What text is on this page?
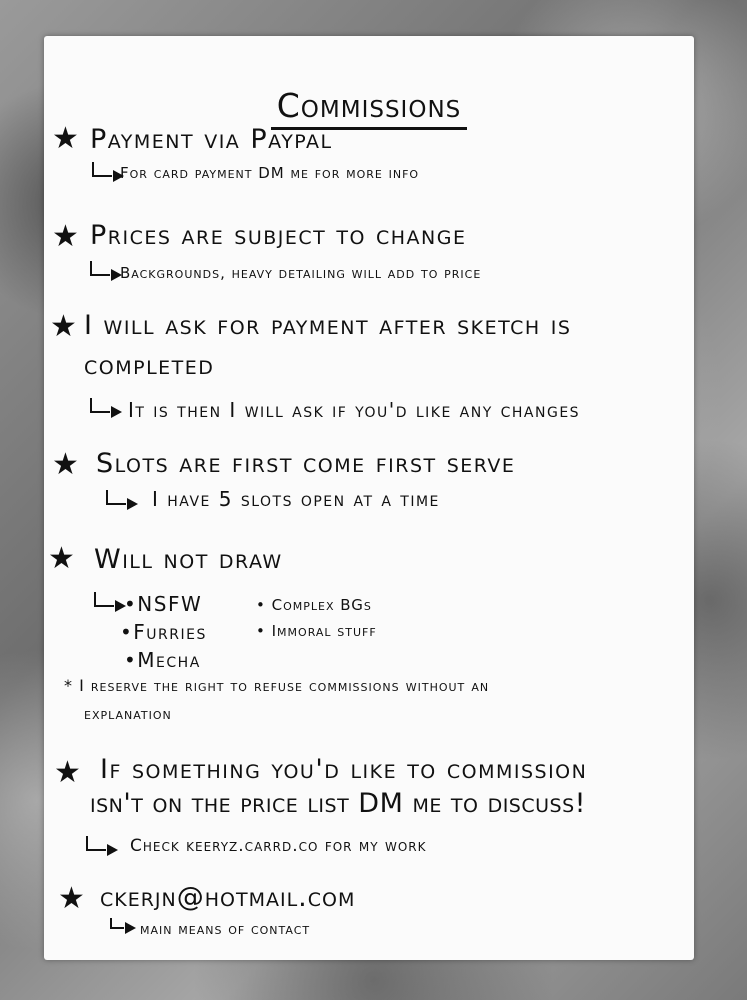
Commissions
★ Payment via Paypal
For card payment DM me for more info
★ Prices are subject to change
Backgrounds, heavy detailing will add to price
★ I will ask for payment after sketch is
completed
It is then I will ask if you'd like any changes
★ Slots are first come first serve
I have 5 slots open at a time
★ Will not draw
•NSFW
•Furries
•Mecha
• Complex BGs
• Immoral stuff
* I reserve the right to refuse commissions without an
explanation
★ If something you'd like to commission
isn't on the price list DM me to discuss!
Check keeryz.carrd.co for my work
★ ckerjn@hotmail.com
main means of contact
